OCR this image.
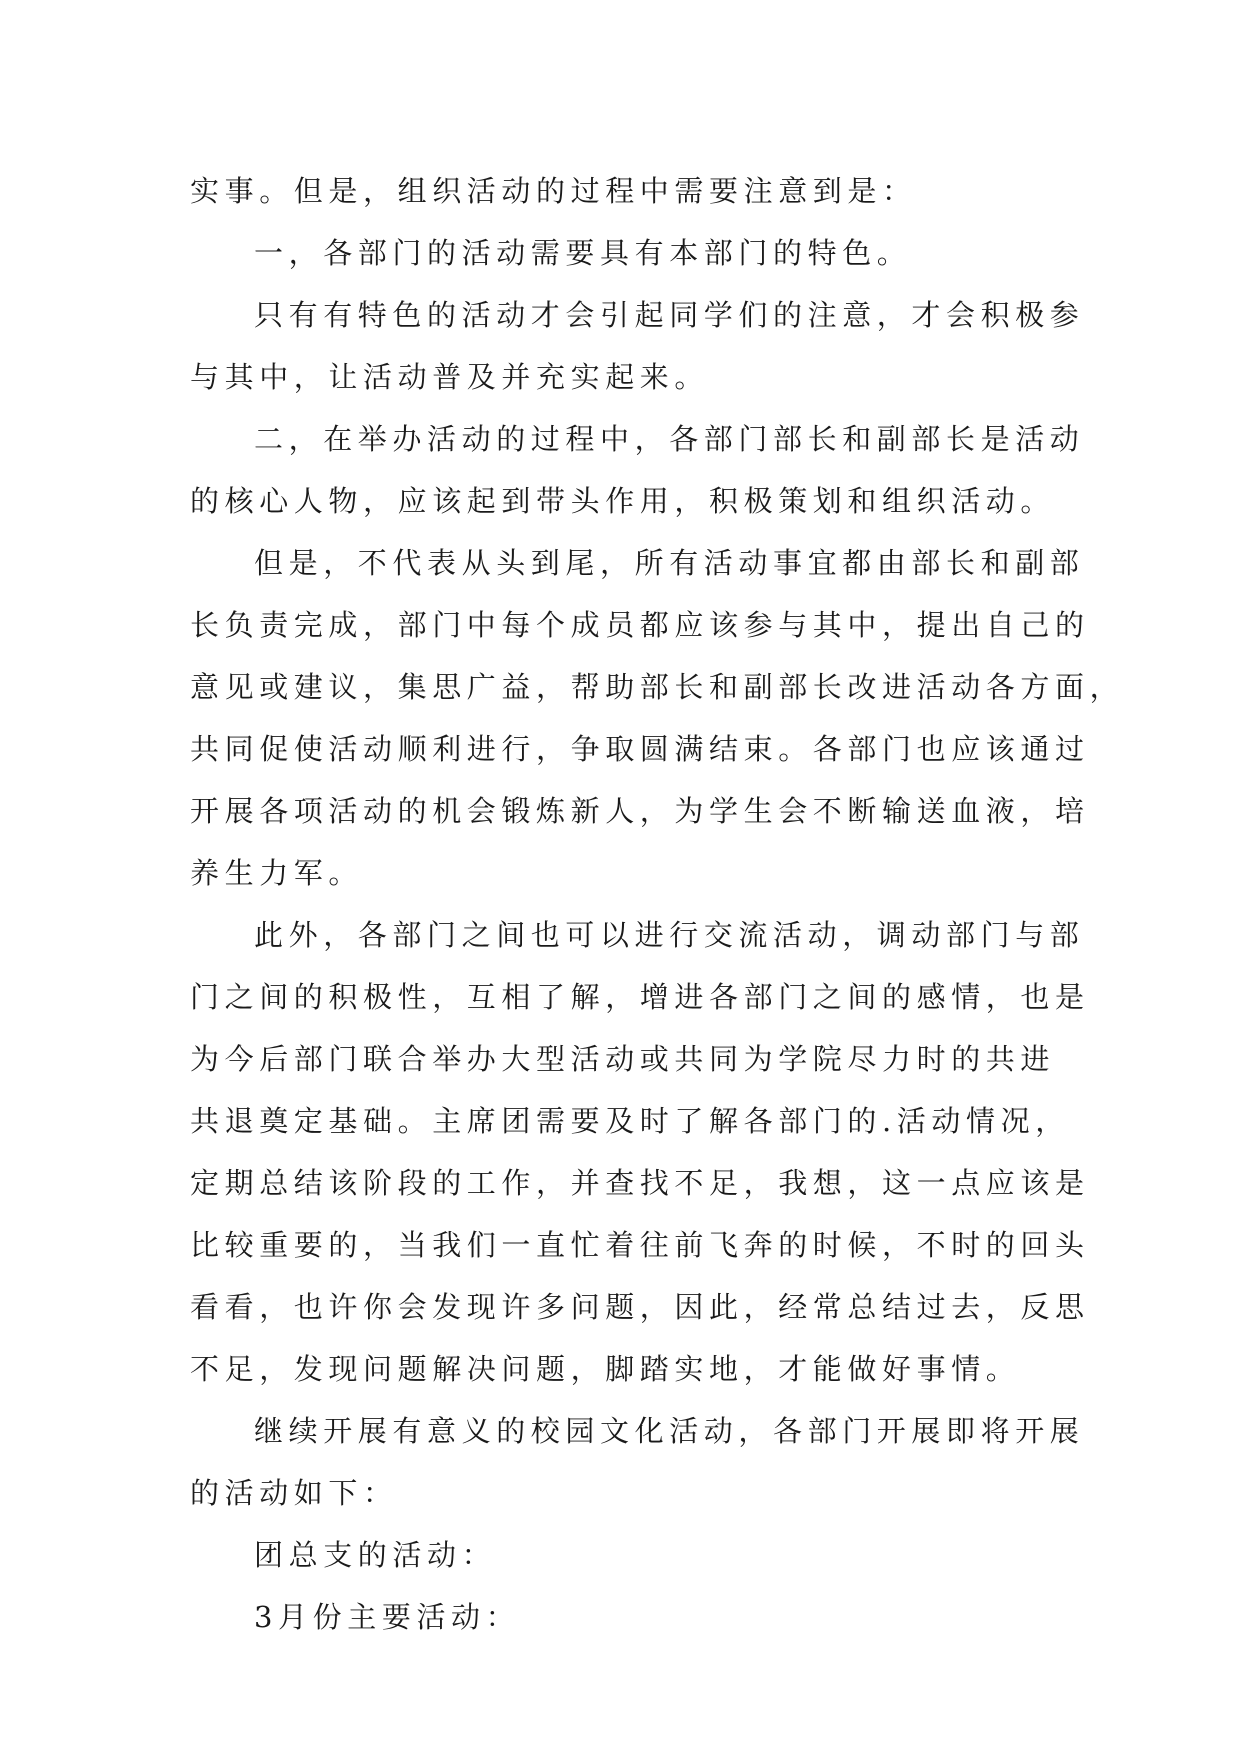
实事。但是，组织活动的过程中需要注意到是：
一，各部门的活动需要具有本部门的特色。
只有有特色的活动才会引起同学们的注意，才会积极参
与其中，让活动普及并充实起来。
二，在举办活动的过程中，各部门部长和副部长是活动
的核心人物，应该起到带头作用，积极策划和组织活动。
但是，不代表从头到尾，所有活动事宜都由部长和副部
长负责完成，部门中每个成员都应该参与其中，提出自己的
意见或建议，集思广益，帮助部长和副部长改进活动各方面，
共同促使活动顺利进行，争取圆满结束。各部门也应该通过
开展各项活动的机会锻炼新人，为学生会不断输送血液，培
养生力军。
此外，各部门之间也可以进行交流活动，调动部门与部
门之间的积极性，互相了解，增进各部门之间的感情，也是
为今后部门联合举办大型活动或共同为学院尽力时的共进
共退奠定基础。主席团需要及时了解各部门的.活动情况，
定期总结该阶段的工作，并查找不足，我想，这一点应该是
比较重要的，当我们一直忙着往前飞奔的时候，不时的回头
看看，也许你会发现许多问题，因此，经常总结过去，反思
不足，发现问题解决问题，脚踏实地，才能做好事情。
继续开展有意义的校园文化活动，各部门开展即将开展
的活动如下：
团总支的活动：
3月份主要活动：
